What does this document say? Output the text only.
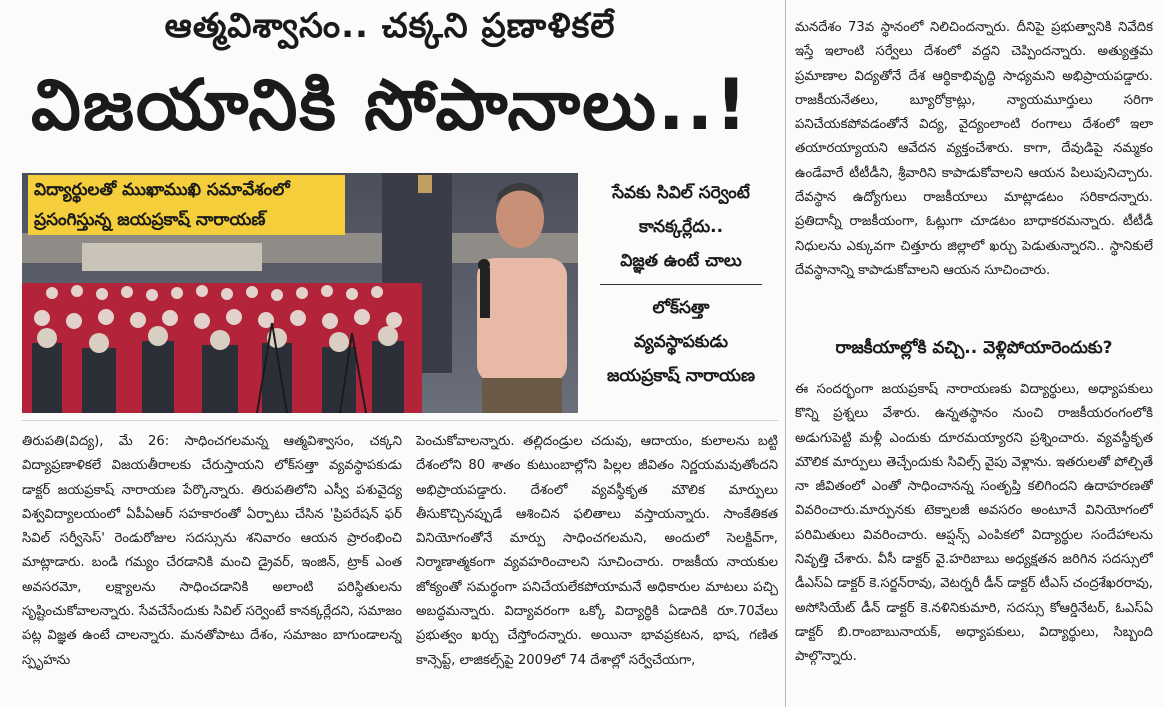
ఆత్మవిశ్వాసం.. చక్కని ప్రణాళికలే
విజయానికి సోపానాలు..!
విద్యార్థులతో ముఖాముఖి సమావేశంలో
ప్రసంగిస్తున్న జయప్రకాష్ నారాయణ్
సేవకు సివిల్ సర్వెంటే
కానక్కర్లేదు..
విజ్ఞత ఉంటే చాలు
లోక్‌సత్తా
వ్యవస్థాపకుడు
జయప్రకాష్ నారాయణ

తిరుపతి(విద్య), మే 26: సాధించగలమన్న ఆత్మవిశ్వాసం, చక్కని విద్యాప్రణాళికలే విజయతీరాలకు చేరుస్తాయని లోక్‌సత్తా వ్యవస్థాపకుడు డాక్టర్ జయప్రకాష్ నారాయణ పేర్కొన్నారు. తిరుపతిలోని ఎస్వీ పశువైద్య విశ్వవిద్యాలయంలో ఏపీఏఆర్ సహకారంతో ఏర్పాటు చేసిన 'ప్రిపరేషన్ ఫర్ సివిల్ సర్వీసెస్' రెండురోజుల సదస్సును శనివారం ఆయన ప్రారంభించి మాట్లాడారు. బండి గమ్యం చేరడానికి మంచి డ్రైవర్, ఇంజిన్, ట్రాక్ ఎంత అవసరమో, లక్ష్యాలను సాధించడానికి అలాంటి పరిస్థితులను సృష్టించుకోవాలన్నారు. సేవచేసేందుకు సివిల్ సర్వెంటే కానక్కర్లేదని, సమాజం పట్ల విజ్ఞత ఉంటే చాలన్నారు. మనతోపాటు దేశం, సమాజం బాగుండాలన్న స్పృహను

పెంచుకోవాలన్నారు. తల్లిదండ్రుల చదువు, ఆదాయం, కులాలను బట్టి దేశంలోని 80 శాతం కుటుంబాల్లోని పిల్లల జీవితం నిర్ణయమవుతోందని అభిప్రాయపడ్డారు. దేశంలో వ్యవస్థీకృత మౌలిక మార్పులు తీసుకొచ్చినప్పుడే ఆశించిన ఫలితాలు వస్తాయన్నారు. సాంకేతికత వినియోగంతోనే మార్పు సాధించగలమని, అందులో సెలక్టివ్‌గా, నిర్మాణాత్మకంగా వ్యవహరించాలని సూచించారు. రాజకీయ నాయకుల జోక్యంతో సమర్థంగా పనిచేయలేకపోయామనే అధికారుల మాటలు పచ్చి అబద్ధమన్నారు. విద్యావరంగా ఒక్కో విద్యార్థికి ఏడాదికి రూ.70వేలు ప్రభుత్వం ఖర్చు చేస్తోందన్నారు. అయినా భావప్రకటన, భాష, గణిత కాన్సెప్ట్, లాజికల్స్‌పై 2009లో 74 దేశాల్లో సర్వేచేయగా,

మనదేశం 73వ స్థానంలో నిలిచిందన్నారు. దీనిపై ప్రభుత్వానికి నివేదిక ఇస్తే ఇలాంటి సర్వేలు దేశంలో వద్దని చెప్పిందన్నారు. అత్యుత్తమ ప్రమాణాల విద్యతోనే దేశ ఆర్థికాభివృద్ధి సాధ్యమని అభిప్రాయపడ్డారు. రాజకీయనేతలు, బ్యూరోక్రాట్లు, న్యాయమూర్తులు సరిగా పనిచేయకపోవడంతోనే విద్య, వైద్యంలాంటి రంగాలు దేశంలో ఇలా తయారయ్యాయని ఆవేదన వ్యక్తంచేశారు. కాగా, దేవుడిపై నమ్మకం ఉండేవారే టీటీడీని, శ్రీవారిని కాపాడుకోవాలని ఆయన పిలుపునిచ్చారు. దేవస్థాన ఉద్యోగులు రాజకీయాలు మాట్లాడటం సరికాదన్నారు. ప్రతిదాన్నీ రాజకీయంగా, ఓట్లుగా చూడటం బాధాకరమన్నారు. టీటీడీ నిధులను ఎక్కువగా చిత్తూరు జిల్లాలో ఖర్చు పెడుతున్నారని.. స్థానికులే దేవస్థానాన్ని కాపాడుకోవాలని ఆయన సూచించారు.

రాజకీయాల్లోకి వచ్చి.. వెళ్లిపోయారెందుకు?

ఈ సందర్భంగా జయప్రకాష్ నారాయణకు విద్యార్థులు, అధ్యాపకులు కొన్ని ప్రశ్నలు వేశారు. ఉన్నతస్థానం నుంచి రాజకీయరంగంలోకి అడుగుపెట్టి మళ్లీ ఎందుకు దూరమయ్యారని ప్రశ్నించారు. వ్యవస్థీకృత మౌలిక మార్పులు తెచ్చేందుకు సివిల్స్ వైపు వెళ్లాను. ఇతరులతో పోల్చితే నా జీవితంలో ఎంతో సాధించానన్న సంతృప్తి కలిగిందని ఉదాహరణతో వివరించారు.మార్పునకు టెక్నాలజీ అవసరం అంటూనే వినియోగంలో పరిమితులు వివరించారు. ఆప్షన్స్ ఎంపికలో విద్యార్థుల సందేహాలను నివృత్తి చేశారు. వీసీ డాక్టర్ వై.హరిబాబు అధ్యక్షతన జరిగిన సదస్సులో డీఎస్ఏ డాక్టర్ కె.సర్జన్‌రావు, వెటర్నరీ డీన్ డాక్టర్ టీఎస్ చంద్రశేఖరరావు, అసోసియేట్ డీన్ డాక్టర్ కె.నళినికుమారి, సదస్సు కోఆర్డినేటర్, ఓఎస్‌ఏ డాక్టర్ బి.రాంబాబునాయక్, అధ్యాపకులు, విద్యార్థులు, సిబ్బంది పాల్గొన్నారు.
